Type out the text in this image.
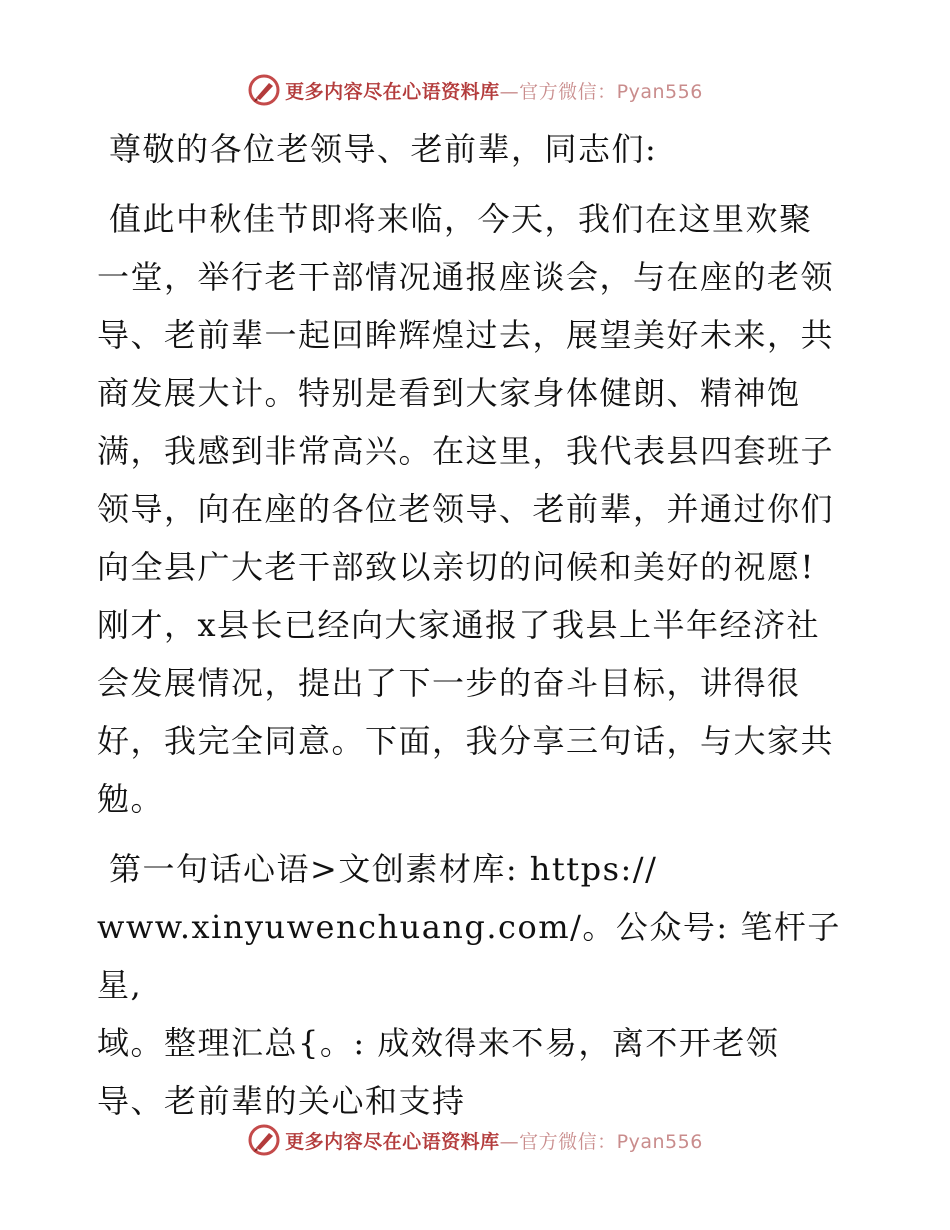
更多内容尽在心语资料库—官方微信：Pyan556

尊敬的各位老领导、老前辈，同志们:

值此中秋佳节即将来临，今天，我们在这里欢聚
一堂，举行老干部情况通报座谈会，与在座的老领
导、老前辈一起回眸辉煌过去，展望美好未来，共
商发展大计。特别是看到大家身体健朗、精神饱
满，我感到非常高兴。在这里，我代表县四套班子
领导，向在座的各位老领导、老前辈，并通过你们
向全县广大老干部致以亲切的问候和美好的祝愿!
刚才，x县长已经向大家通报了我县上半年经济社
会发展情况，提出了下一步的奋斗目标，讲得很
好，我完全同意。下面，我分享三句话，与大家共
勉。

第一句话心语>文创素材库: https://
www.xinyuwenchuang.com/。公众号: 笔杆子星,
域。整理汇总{。: 成效得来不易，离不开老领
导、老前辈的关心和支持

更多内容尽在心语资料库—官方微信：Pyan556
